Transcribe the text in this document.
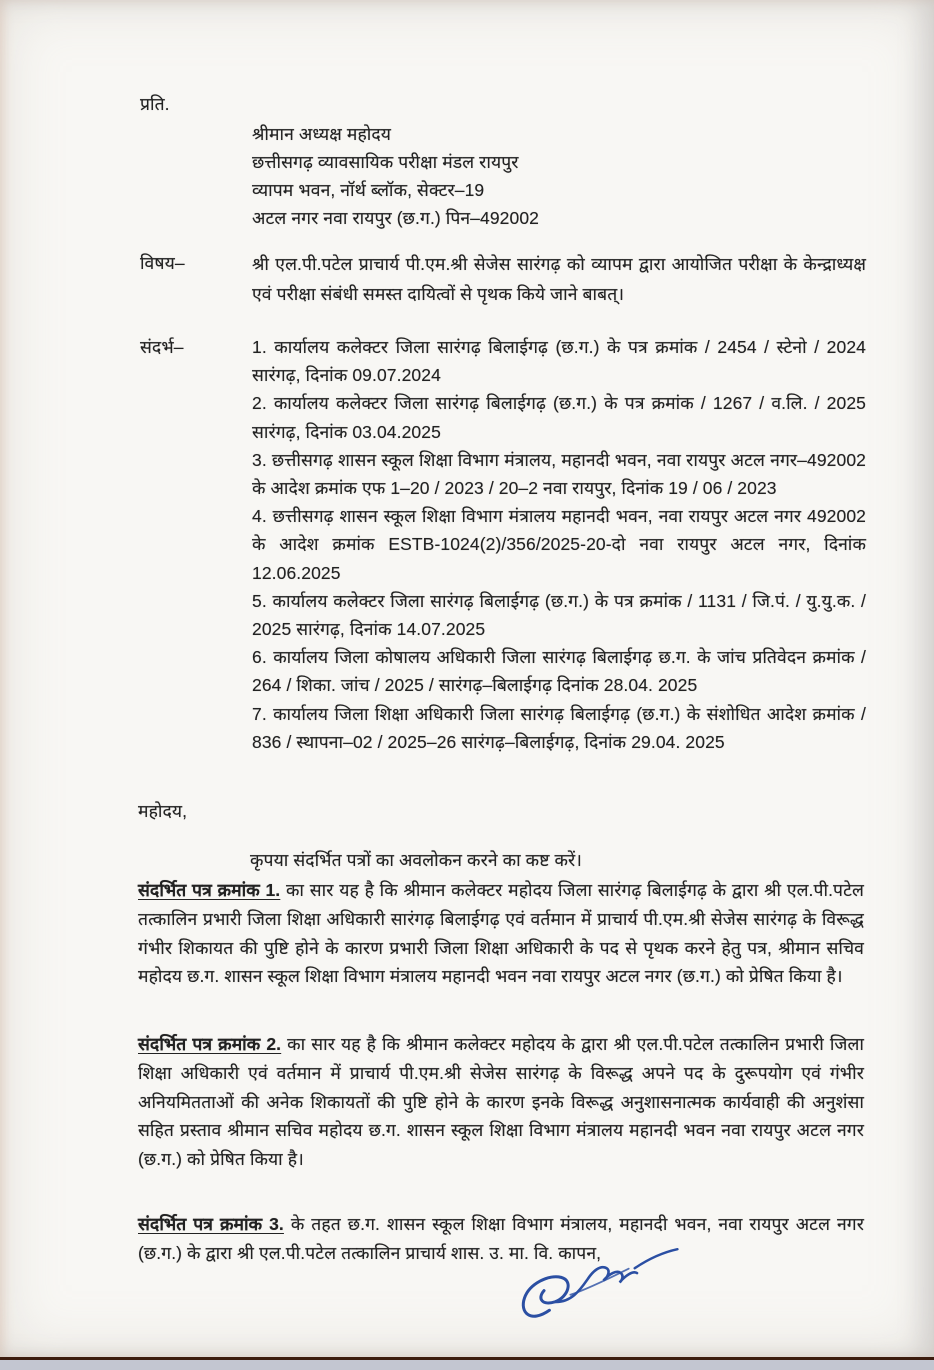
प्रति.
श्रीमान अध्यक्ष महोदय
छत्तीसगढ़ व्यावसायिक परीक्षा मंडल रायपुर
व्यापम भवन, नॉर्थ ब्लॉक, सेक्टर–19
अटल नगर नवा रायपुर (छ.ग.) पिन–492002
विषय–	श्री एल.पी.पटेल प्राचार्य पी.एम.श्री सेजेस सारंगढ़ को व्यापम द्वारा आयोजित परीक्षा के केन्द्राध्यक्ष एवं परीक्षा संबंधी समस्त दायित्वों से पृथक किये जाने बाबत्।
संदर्भ–	1. कार्यालय कलेक्टर जिला सारंगढ़ बिलाईगढ़ (छ.ग.) के पत्र क्रमांक / 2454 / स्टेनो / 2024 सारंगढ़, दिनांक 09.07.2024
2. कार्यालय कलेक्टर जिला सारंगढ़ बिलाईगढ़ (छ.ग.) के पत्र क्रमांक / 1267 / व.लि. / 2025 सारंगढ़, दिनांक 03.04.2025
3. छत्तीसगढ़ शासन स्कूल शिक्षा विभाग मंत्रालय, महानदी भवन, नवा रायपुर अटल नगर–492002 के आदेश क्रमांक एफ 1–20 / 2023 / 20–2 नवा रायपुर, दिनांक 19 / 06 / 2023
4. छत्तीसगढ़ शासन स्कूल शिक्षा विभाग मंत्रालय महानदी भवन, नवा रायपुर अटल नगर 492002 के आदेश क्रमांक ESTB-1024(2)/356/2025-20-दो नवा रायपुर अटल नगर, दिनांक 12.06.2025
5. कार्यालय कलेक्टर जिला सारंगढ़ बिलाईगढ़ (छ.ग.) के पत्र क्रमांक / 1131 / जि.पं. / यु.यु.क. / 2025 सारंगढ़, दिनांक 14.07.2025
6. कार्यालय जिला कोषालय अधिकारी जिला सारंगढ़ बिलाईगढ़ छ.ग. के जांच प्रतिवेदन क्रमांक / 264 / शिका. जांच / 2025 / सारंगढ़–बिलाईगढ़ दिनांक 28.04. 2025
7. कार्यालय जिला शिक्षा अधिकारी जिला सारंगढ़ बिलाईगढ़ (छ.ग.) के संशोधित आदेश क्रमांक / 836 / स्थापना–02 / 2025–26 सारंगढ़–बिलाईगढ़, दिनांक 29.04. 2025
महोदय,
कृपया संदर्भित पत्रों का अवलोकन करने का कष्ट करें।
संदर्भित पत्र क्रमांक 1. का सार यह है कि श्रीमान कलेक्टर महोदय जिला सारंगढ़ बिलाईगढ़ के द्वारा श्री एल.पी.पटेल तत्कालिन प्रभारी जिला शिक्षा अधिकारी सारंगढ़ बिलाईगढ़ एवं वर्तमान में प्राचार्य पी.एम.श्री सेजेस सारंगढ़ के विरूद्ध गंभीर शिकायत की पुष्टि होने के कारण प्रभारी जिला शिक्षा अधिकारी के पद से पृथक करने हेतु पत्र, श्रीमान सचिव महोदय छ.ग. शासन स्कूल शिक्षा विभाग मंत्रालय महानदी भवन नवा रायपुर अटल नगर (छ.ग.) को प्रेषित किया है।
संदर्भित पत्र क्रमांक 2. का सार यह है कि श्रीमान कलेक्टर महोदय के द्वारा श्री एल.पी.पटेल तत्कालिन प्रभारी जिला शिक्षा अधिकारी एवं वर्तमान में प्राचार्य पी.एम.श्री सेजेस सारंगढ़ के विरूद्ध अपने पद के दुरूपयोग एवं गंभीर अनियमितताओं की अनेक शिकायतों की पुष्टि होने के कारण इनके विरूद्ध अनुशासनात्मक कार्यवाही की अनुशंसा सहित प्रस्ताव श्रीमान सचिव महोदय छ.ग. शासन स्कूल शिक्षा विभाग मंत्रालय महानदी भवन नवा रायपुर अटल नगर (छ.ग.) को प्रेषित किया है।
संदर्भित पत्र क्रमांक 3. के तहत छ.ग. शासन स्कूल शिक्षा विभाग मंत्रालय, महानदी भवन, नवा रायपुर अटल नगर (छ.ग.) के द्वारा श्री एल.पी.पटेल तत्कालिन प्राचार्य शास. उ. मा. वि. कापन,
